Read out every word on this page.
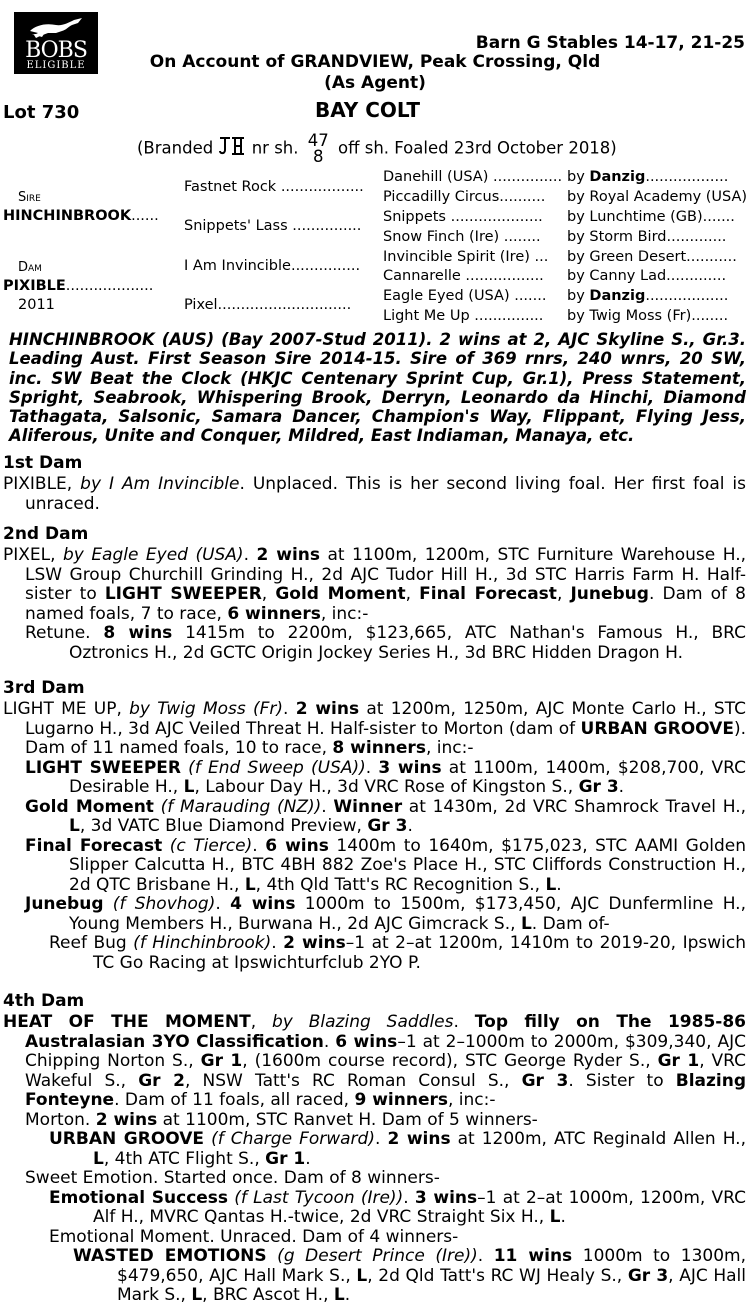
BOBS
ELIGIBLE
Barn G Stables 14-17, 21-25
On Account of GRANDVIEW, Peak Crossing, Qld
(As Agent)
Lot 730	BAY COLT
(Branded nr sh. 47
8 off sh. Foaled 23rd October 2018)
Sire
HINCHINBROOK......
Dam
PIXIBLE...................
2011
Fastnet Rock ..................
Snippets' Lass ...............
I Am Invincible...............
Pixel.............................
Danehill (USA) ...............
Piccadilly Circus..........
Snippets ....................
Snow Finch (Ire) ........
Invincible Spirit (Ire) ...
Cannarelle .................
Eagle Eyed (USA) .......
Light Me Up ...............
by Danzig..................
by Royal Academy (USA)
by Lunchtime (GB).......
by Storm Bird.............
by Green Desert...........
by Canny Lad.............
by Danzig..................
by Twig Moss (Fr)........
HINCHINBROOK (AUS) (Bay 2007-Stud 2011). 2 wins at 2, AJC Skyline S., Gr.3. Leading Aust. First Season Sire 2014-15. Sire of 369 rnrs, 240 wnrs, 20 SW, inc. SW Beat the Clock (HKJC Centenary Sprint Cup, Gr.1), Press Statement, Spright, Seabrook, Whispering Brook, Derryn, Leonardo da Hinchi, Diamond Tathagata, Salsonic, Samara Dancer, Champion's Way, Flippant, Flying Jess, Aliferous, Unite and Conquer, Mildred, East Indiaman, Manaya, etc.
1st Dam

PIXIBLE, by I Am Invincible. Unplaced. This is her second living foal. Her first foal is unraced.

2nd Dam

PIXEL, by Eagle Eyed (USA). 2 wins at 1100m, 1200m, STC Furniture Warehouse H., LSW Group Churchill Grinding H., 2d AJC Tudor Hill H., 3d STC Harris Farm H. Half-sister to LIGHT SWEEPER, Gold Moment, Final Forecast, Junebug. Dam of 8 named foals, 7 to race, 6 winners, inc:-

Retune. 8 wins 1415m to 2200m, $123,665, ATC Nathan's Famous H., BRC Oztronics H., 2d GCTC Origin Jockey Series H., 3d BRC Hidden Dragon H.

3rd Dam

LIGHT ME UP, by Twig Moss (Fr). 2 wins at 1200m, 1250m, AJC Monte Carlo H., STC Lugarno H., 3d AJC Veiled Threat H. Half-sister to Morton (dam of URBAN GROOVE). Dam of 11 named foals, 10 to race, 8 winners, inc:-

LIGHT SWEEPER (f End Sweep (USA)). 3 wins at 1100m, 1400m, $208,700, VRC Desirable H., L, Labour Day H., 3d VRC Rose of Kingston S., Gr 3.

Gold Moment (f Marauding (NZ)). Winner at 1430m, 2d VRC Shamrock Travel H., L, 3d VATC Blue Diamond Preview, Gr 3.

Final Forecast (c Tierce). 6 wins 1400m to 1640m, $175,023, STC AAMI Golden Slipper Calcutta H., BTC 4BH 882 Zoe's Place H., STC Cliffords Construction H., 2d QTC Brisbane H., L, 4th Qld Tatt's RC Recognition S., L.

Junebug (f Shovhog). 4 wins 1000m to 1500m, $173,450, AJC Dunfermline H., Young Members H., Burwana H., 2d AJC Gimcrack S., L. Dam of-

Reef Bug (f Hinchinbrook). 2 wins–1 at 2–at 1200m, 1410m to 2019-20, Ipswich TC Go Racing at Ipswichturfclub 2YO P.

4th Dam

HEAT OF THE MOMENT, by Blazing Saddles. Top filly on The 1985-86 Australasian 3YO Classification. 6 wins–1 at 2–1000m to 2000m, $309,340, AJC Chipping Norton S., Gr 1, (1600m course record), STC George Ryder S., Gr 1, VRC Wakeful S., Gr 2, NSW Tatt's RC Roman Consul S., Gr 3. Sister to Blazing Fonteyne. Dam of 11 foals, all raced, 9 winners, inc:-

Morton. 2 wins at 1100m, STC Ranvet H. Dam of 5 winners-

URBAN GROOVE (f Charge Forward). 2 wins at 1200m, ATC Reginald Allen H., L, 4th ATC Flight S., Gr 1.

Sweet Emotion. Started once. Dam of 8 winners-

Emotional Success (f Last Tycoon (Ire)). 3 wins–1 at 2–at 1000m, 1200m, VRC Alf H., MVRC Qantas H.-twice, 2d VRC Straight Six H., L.

Emotional Moment. Unraced. Dam of 4 winners-

WASTED EMOTIONS (g Desert Prince (Ire)). 11 wins 1000m to 1300m, $479,650, AJC Hall Mark S., L, 2d Qld Tatt's RC WJ Healy S., Gr 3, AJC Hall Mark S., L, BRC Ascot H., L.
